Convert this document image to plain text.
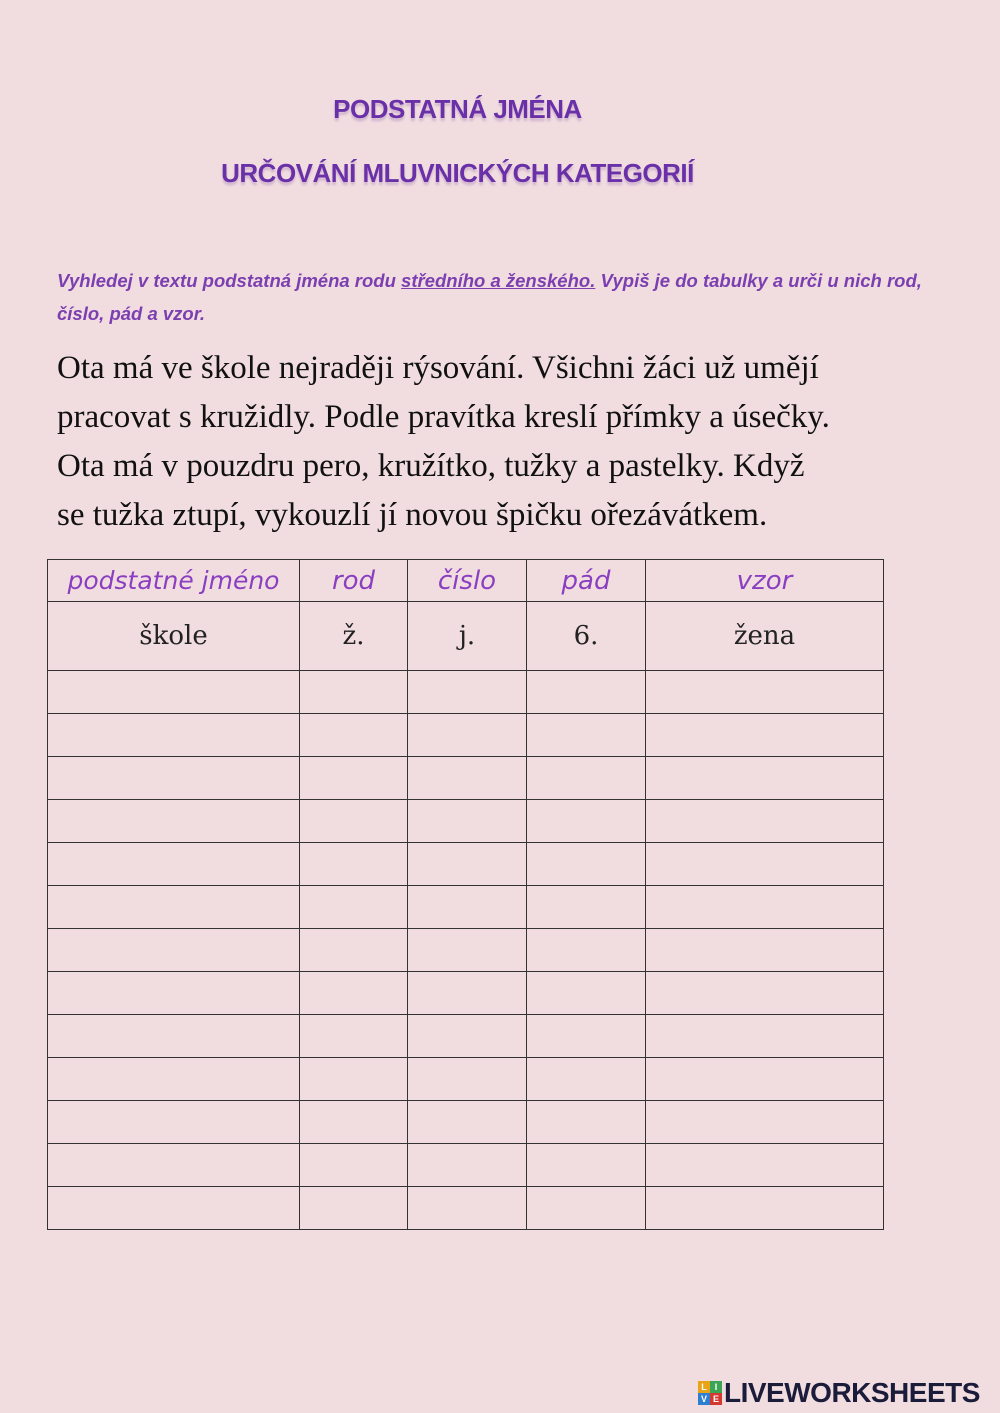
PODSTATNÁ JMÉNA
URČOVÁNÍ MLUVNICKÝCH KATEGORIÍ
Vyhledej v textu podstatná jména rodu středního a ženského. Vypiš je do tabulky a urči u nich rod, číslo, pád a vzor.
Ota má ve škole nejraději rýsování. Všichni žáci už umějí
pracovat s kružidly. Podle pravítka kreslí přímky a úsečky.
Ota má v pouzdru pero, kružítko, tužky a pastelky. Když
se tužka ztupí, vykouzlí jí novou špičku ořezávátkem.
podstatné jméno	rod	číslo	pád	vzor
škole	ž.	j.	6.	žena

L I
V E LIVEWORKSHEETS
